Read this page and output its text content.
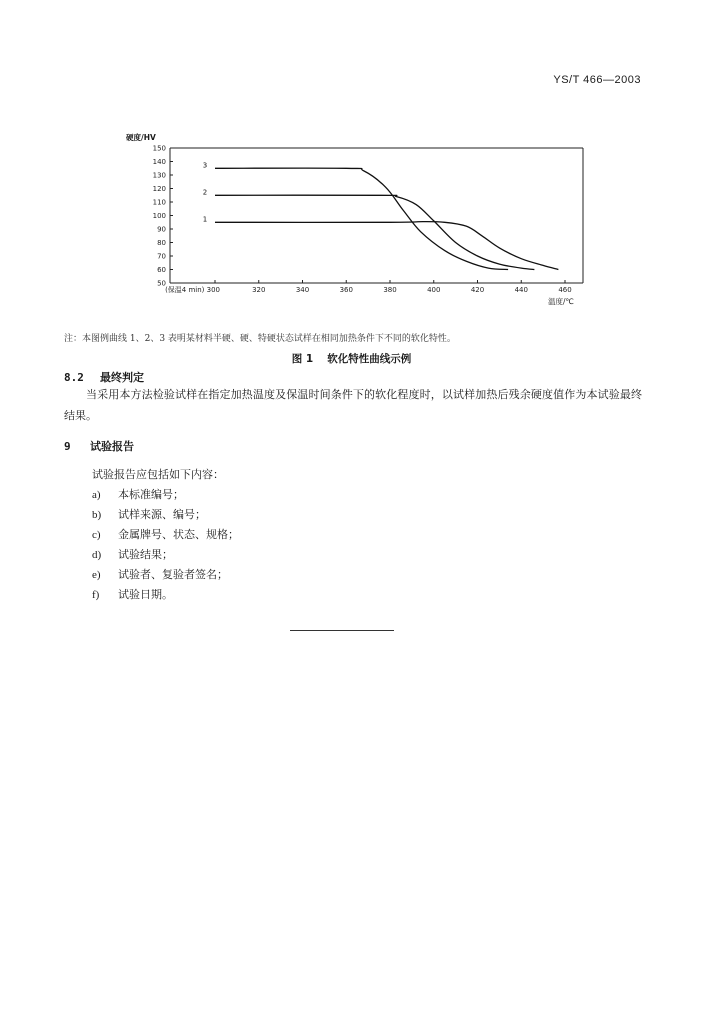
YS/T 466—2003
硬度/HV
50
60
70
80
90
100
110
120
130
140
150
(保温4 min) 300	320	340	360	380	400	420	440	460
1
2
3
温度/℃
注：本图例曲线 1、2、3 表明某材料半硬、硬、特硬状态试样在相同加热条件下不同的软化特性。
图 1 软化特性曲线示例
8.2 最终判定
当采用本方法检验试样在指定加热温度及保温时间条件下的软化程度时，以试样加热后残余硬度值作为本试验最终结果。
9 试验报告
试验报告应包括如下内容：
a) 本标准编号；
b) 试样来源、编号；
c) 金属牌号、状态、规格；
d) 试验结果；
e) 试验者、复验者签名；
f) 试验日期。
